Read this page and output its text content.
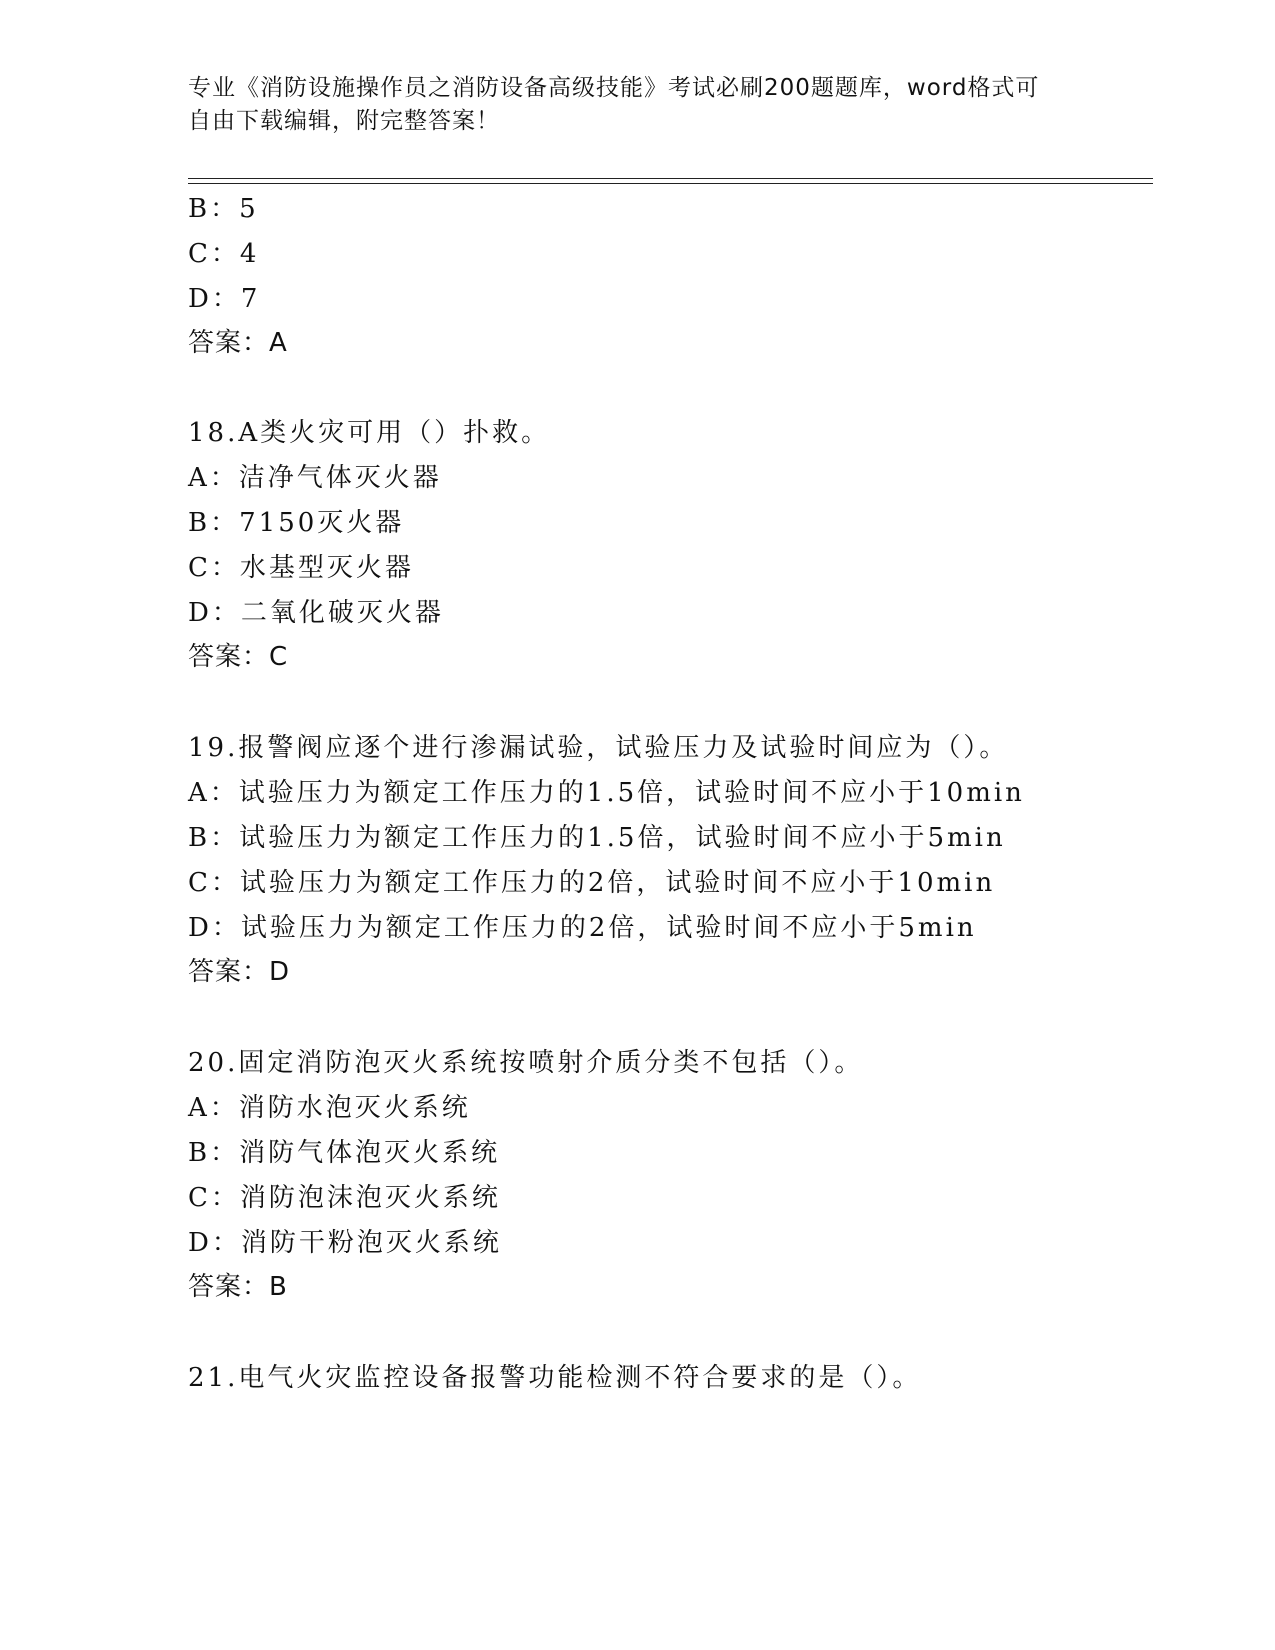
专业《消防设施操作员之消防设备高级技能》考试必刷200题题库，word格式可
自由下载编辑，附完整答案！
B：5
C：4
D：7
答案：A
18.A类火灾可用（）扑救。
A：洁净气体灭火器
B：7150灭火器
C：水基型灭火器
D：二氧化破灭火器
答案：C
19.报警阀应逐个进行渗漏试验，试验压力及试验时间应为（）。
A：试验压力为额定工作压力的1.5倍，试验时间不应小于10min
B：试验压力为额定工作压力的1.5倍，试验时间不应小于5min
C：试验压力为额定工作压力的2倍，试验时间不应小于10min
D：试验压力为额定工作压力的2倍，试验时间不应小于5min
答案：D
20.固定消防泡灭火系统按喷射介质分类不包括（）。
A：消防水泡灭火系统
B：消防气体泡灭火系统
C：消防泡沫泡灭火系统
D：消防干粉泡灭火系统
答案：B
21.电气火灾监控设备报警功能检测不符合要求的是（）。
